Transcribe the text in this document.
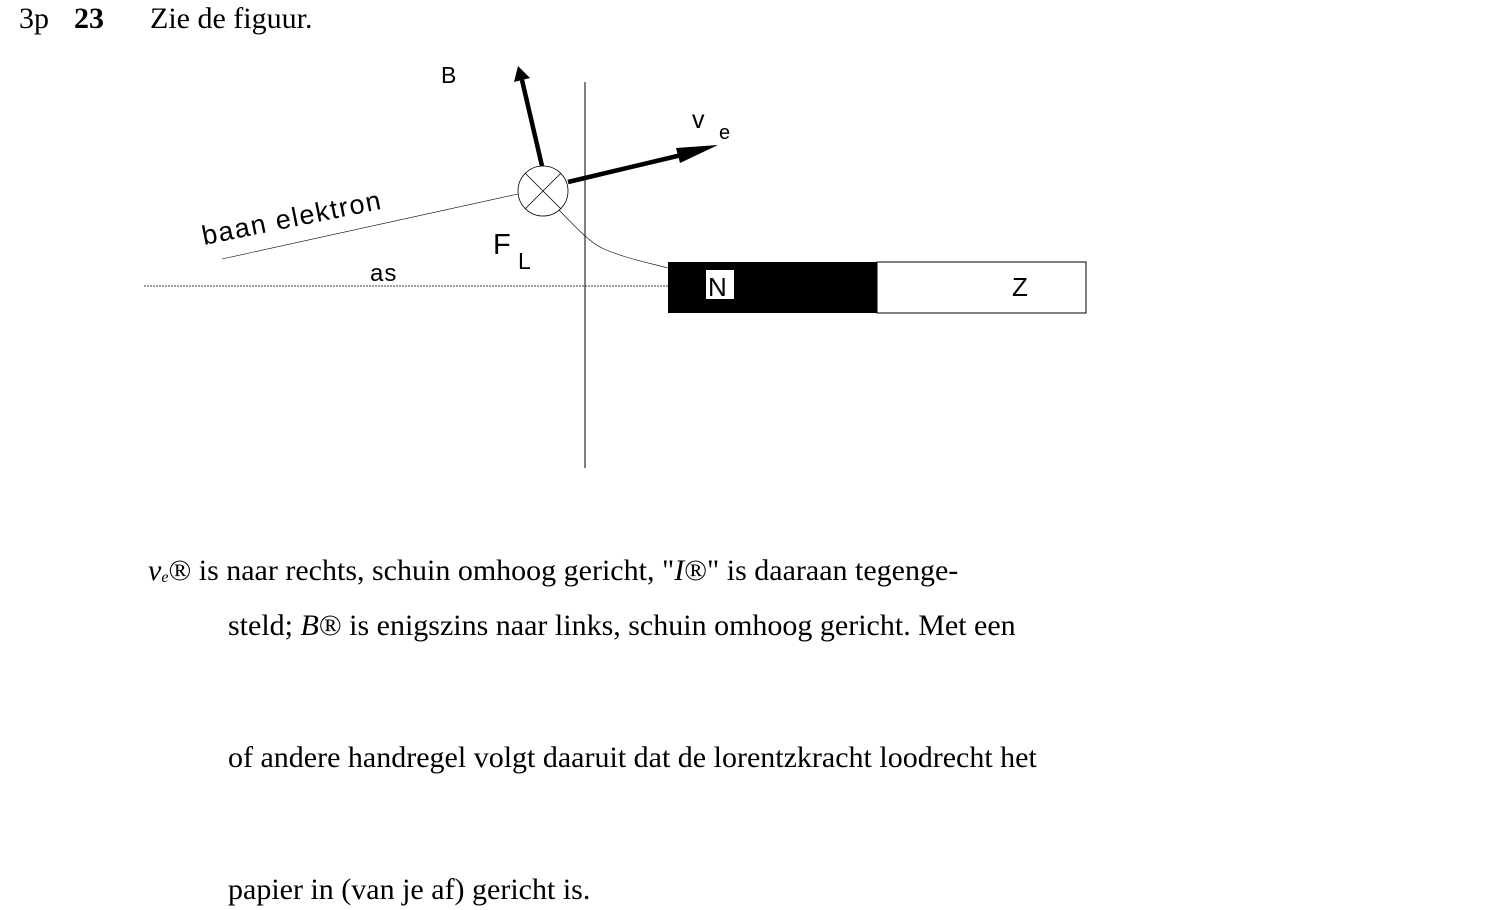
3p 23 Zie de figuur.
B
v e
baan elektron	F L
as	N	Z
ve® is naar rechts, schuin omhoog gericht, "I®" is daaraan tegenge-
steld; B® is enigszins naar links, schuin omhoog gericht. Met een
of andere handregel volgt daaruit dat de lorentzkracht loodrecht het
papier in (van je af) gericht is.
